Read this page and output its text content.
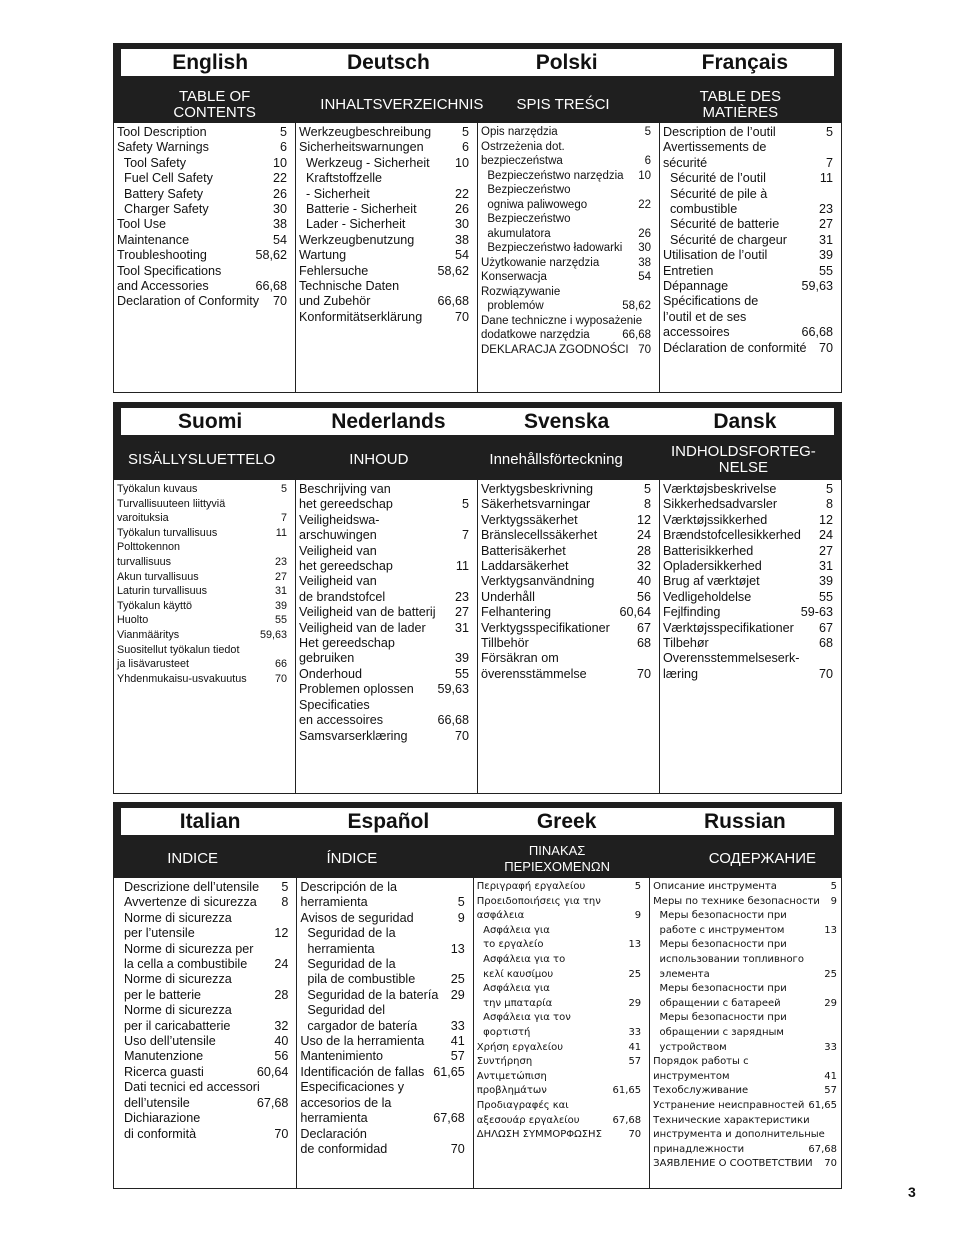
English	Deutsch	Polski	Français
TABLE OF CONTENTS	INHALTSVERZEICHNIS	SPIS TREŚCI	TABLE DES MATIÈRES
Tool Description	5
Safety Warnings	6
Tool Safety	10
Fuel Cell Safety	22
Battery Safety	26
Charger Safety	30
Tool Use	38
Maintenance	54
Troubleshooting	58,62
Tool Specifications
and Accessories	66,68
Declaration of Conformity 70
Werkzeugbeschreibung 5
Sicherheitswarnungen	6
Werkzeug - Sicherheit 10
Kraftstoffzelle
- Sicherheit	22
Batterie - Sicherheit	26
Lader - Sicherheit	30
Werkzeugbenutzung	38
Wartung	54
Fehlersuche	58,62
Technische Daten
und Zubehör	66,68
Konformitätserklärung	70
Opis narzędzia	5
Ostrzeżenia dot.
bezpieczeństwa	6
Bezpieczeństwo narzędzia 10
Bezpieczeństwo
ogniwa paliwowego	22
Bezpieczeństwo
akumulatora	26
Bezpieczeństwo ładowarki 30
Użytkowanie narzędzia	38
Konserwacja	54
Rozwiązywanie
problemów	58,62
Dane techniczne i wyposażenie
dodatkowe narzędzia	66,68
DEKLARACJA ZGODNOŚCI 70
Description de l’outil	5
Avertissements de
sécurité	7
Sécurité de l’outil	11
Sécurité de pile à
combustible	23
Sécurité de batterie	27
Sécurité de chargeur	31
Utilisation de l’outil	39
Entretien	55
Dépannage	59,63
Spécifications de
l’outil et de ses
accessoires	66,68
Déclaration de conformité 70
Suomi	Nederlands	Svenska	Dansk
SISÄLLYSLUETTELO	INHOUD	Innehållsförteckning	INDHOLDSFORTEG-NELSE
Työkalun kuvaus	5
Turvallisuuteen liittyviä
varoituksia	7
Työkalun turvallisuus	11
Polttokennon
turvallisuus	23
Akun turvallisuus	27
Laturin turvallisuus	31
Työkalun käyttö	39
Huolto	55
Vianmääritys	59,63
Suositellut työkalun tiedot
ja lisävarusteet	66
Yhdenmukaisu-usvakuutus	70
Beschrijving van
het gereedschap	5
Veiligheidswa-
arschuwingen	7
Veiligheid van
het gereedschap	11
Veiligheid van
de brandstofcel	23
Veiligheid van de batterij 27
Veiligheid van de lader 31
Het gereedschap
gebruiken	39
Onderhoud	55
Problemen oplossen 59,63
Specificaties
en accessoires	66,68
Samsvarserklæring	70
Verktygsbeskrivning	5
Säkerhetsvarningar	8
Verktygssäkerhet	12
Bränslecellssäkerhet	24
Batterisäkerhet	28
Laddarsäkerhet	32
Verktygsanvändning	40
Underhåll	56
Felhantering	60,64
Verktygsspecifikationer 67
Tillbehör	68
Försäkran om
överensstämmelse	70
Værktøjsbeskrivelse	5
Sikkerhedsadvarsler	8
Værktøjssikkerhed	12
Brændstofcellesikkerhed 24
Batterisikkerhed	27
Opladersikkerhed	31
Brug af værktøjet	39
Vedligeholdelse	55
Fejlfinding	59-63
Værktøjsspecifikationer 67
Tilbehør	68
Overensstemmelseserk-
læring	70
Italian	Español	Greek	Russian
INDICE	ÍNDICE	ΠΙΝΑΚΑΣ ΠΕΡΙΕΧΟΜΕΝΩΝ	СОДЕРЖАНИЕ
Descrizione dell’utensile 5
Avvertenze di sicurezza 8
Norme di sicurezza
per l’utensile	12
Norme di sicurezza per
la cella a combustibile 24
Norme di sicurezza
per le batterie	28
Norme di sicurezza
per il caricabatterie	32
Uso dell’utensile	40
Manutenzione	56
Ricerca guasti	60,64
Dati tecnici ed accessori
dell’utensile	67,68
Dichiarazione
di conformità	70
Descripción de la
herramienta	5
Avisos de seguridad	9
Seguridad de la
herramienta	13
Seguridad de la
pila de combustible	25
Seguridad de la batería 29
Seguridad del
cargador de batería	33
Uso de la herramienta 41
Mantenimiento	57
Identificación de fallas 61,65
Especificaciones y
accesorios de la
herramienta	67,68
Declaración
de conformidad	70
Περιγραφή εργαλείου	5
Προειδοποιήσεις για την
ασφάλεια	9
Ασφάλεια για
το εργαλείο	13
Ασφάλεια για το
κελί καυσίμου	25
Ασφάλεια για
την μπαταρία	29
Ασφάλεια για τον
φορτιστή	33
Χρήση εργαλείου	41
Συντήρηση	57
Αντιμετώπιση
προβλημάτων	61,65
Προδιαγραφές και
αξεσουάρ εργαλείου	67,68
ΔΗΛΩΣΗ ΣΥΜΜΟΡΦΩΣΗΣ	70
Описание инструмента	5
Меры по технике безопасности 9
Меры безопасности при
работе с инструментом	13
Меры безопасности при
использовании топливного
элемента	25
Меры безопасности при
обращении с батареей	29
Меры безопасности при
обращении с зарядным
устройством	33
Порядок работы с
инструментом	41
Техобслуживание	57
Устранение неисправностей 61,65
Технические характеристики
инструмента и дополнительные
принадлежности	67,68
ЗАЯВЛЕНИЕ О СООТВЕТСТВИИ 70
3
